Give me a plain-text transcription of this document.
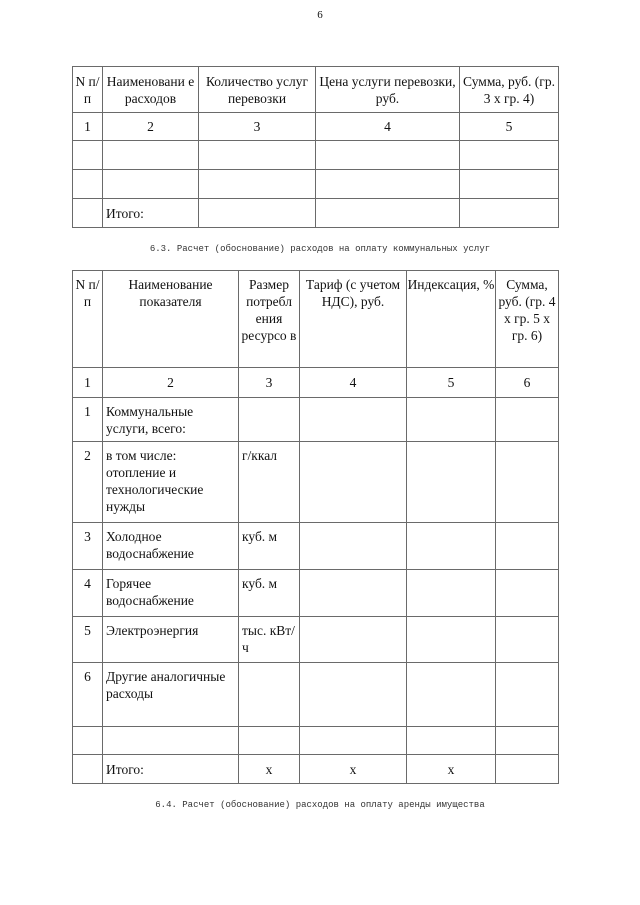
6
N п/п	Наименовани е расходов	Количество услуг перевозки	Цена услуги перевозки, руб.	Сумма, руб. (гр. 3 х гр. 4)
1	2	3	4	5

	Итого:			
6.3. Расчет (обоснование) расходов на оплату коммунальных услуг
N п/п	Наименование показателя	Размер потребл ения ресурсо в	Тариф (с учетом НДС), руб.	Индексация, %	Сумма, руб. (гр. 4 х гр. 5 х гр. 6)
1	2	3	4	5	6
1	Коммунальные услуги, всего:				
2	в том числе: отопление и технологические нужды	г/ккал			
3	Холодное водоснабжение	куб. м			
4	Горячее водоснабжение	куб. м			
5	Электроэнергия	тыс. кВт/ч			
6	Другие аналогичные расходы				

	Итого:	x	x	x	
6.4. Расчет (обоснование) расходов на оплату аренды имущества
